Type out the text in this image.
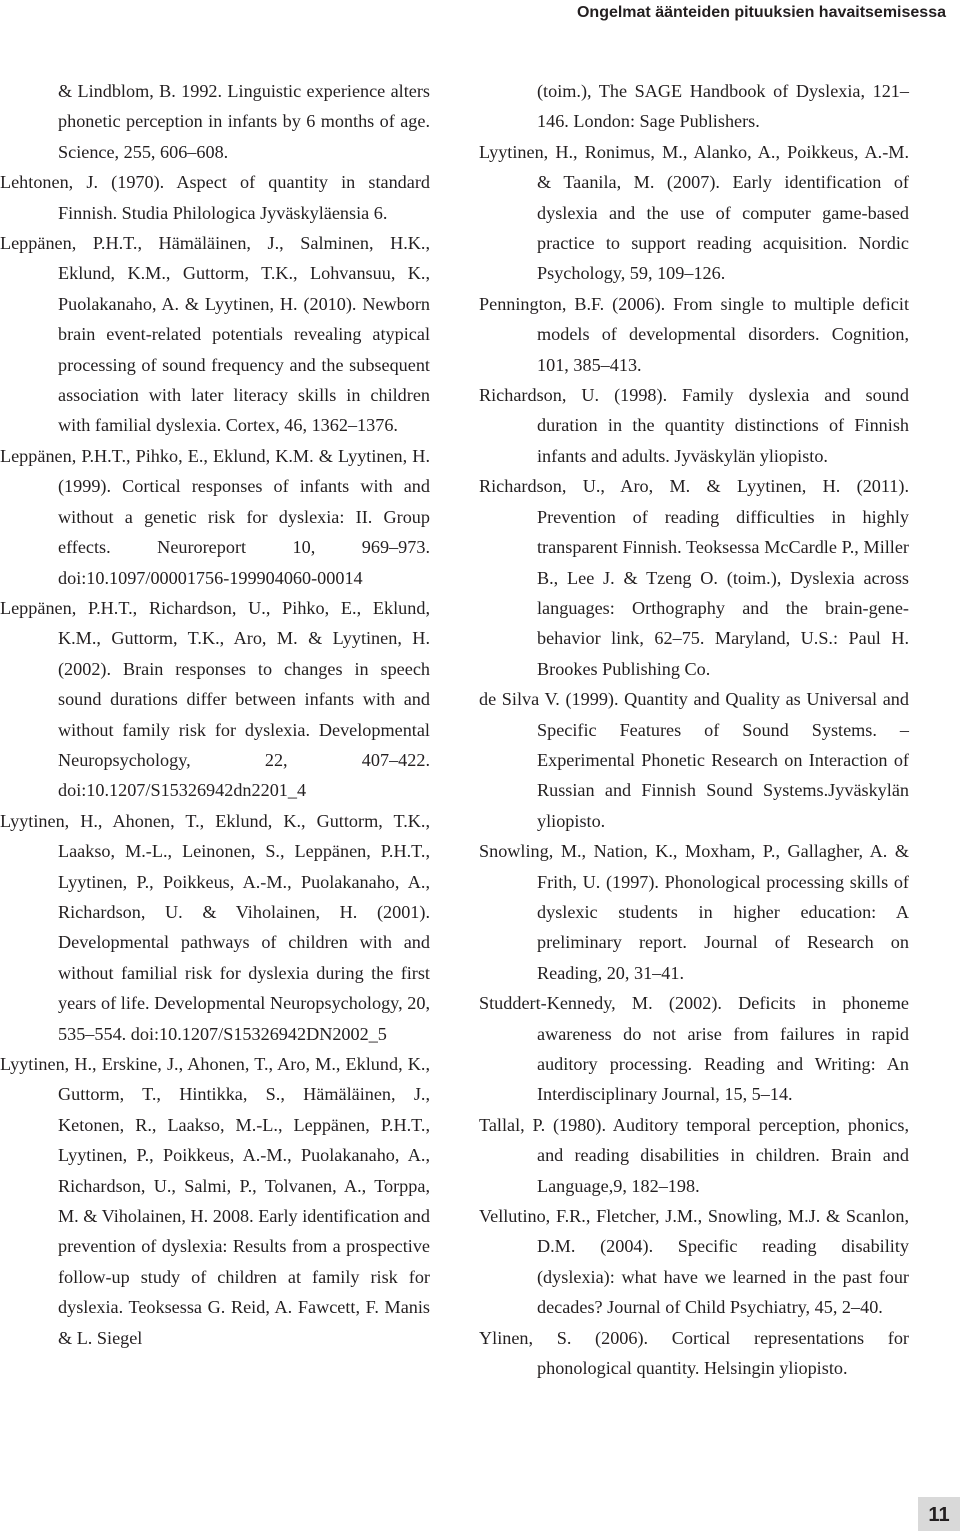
Ongelmat äänteiden pituuksien havaitsemisessa

& Lindblom, B. 1992. Linguistic experience alters phonetic perception in infants by 6 months of age. Science, 255, 606–608.

Lehtonen, J. (1970). Aspect of quantity in standard Finnish. Studia Philologica Jyväskyläensia 6.

Leppänen, P.H.T., Hämäläinen, J., Salminen, H.K., Eklund, K.M., Guttorm, T.K., Lohvansuu, K., Puolakanaho, A. & Lyytinen, H. (2010). Newborn brain event-related potentials revealing atypical processing of sound frequency and the subsequent association with later literacy skills in children with familial dyslexia. Cortex, 46, 1362–1376.

Leppänen, P.H.T., Pihko, E., Eklund, K.M. & Lyytinen, H. (1999). Cortical responses of infants with and without a genetic risk for dyslexia: II. Group effects. Neuroreport 10, 969–973. doi:10.1097/00001756-199904060-00014

Leppänen, P.H.T., Richardson, U., Pihko, E., Eklund, K.M., Guttorm, T.K., Aro, M. & Lyytinen, H. (2002). Brain responses to changes in speech sound durations differ between infants with and without family risk for dyslexia. Developmental Neuropsychology, 22, 407–422. doi:10.1207/S15326942dn2201_4

Lyytinen, H., Ahonen, T., Eklund, K., Guttorm, T.K., Laakso, M.-L., Leinonen, S., Leppänen, P.H.T., Lyytinen, P., Poikkeus, A.-M., Puolakanaho, A., Richardson, U. & Viholainen, H. (2001). Developmental pathways of children with and without familial risk for dyslexia during the first years of life. Developmental Neuropsychology, 20, 535–554. doi:10.1207/S15326942DN2002_5

Lyytinen, H., Erskine, J., Ahonen, T., Aro, M., Eklund, K., Guttorm, T., Hintikka, S., Hämäläinen, J., Ketonen, R., Laakso, M.-L., Leppänen, P.H.T., Lyytinen, P., Poikkeus, A.-M., Puolakanaho, A., Richardson, U., Salmi, P., Tolvanen, A., Torppa, M. & Viholainen, H. 2008. Early identification and prevention of dyslexia: Results from a prospective follow-up study of children at family risk for dyslexia. Teoksessa G. Reid, A. Fawcett, F. Manis & L. Siegel

(toim.), The SAGE Handbook of Dyslexia, 121–146. London: Sage Publishers.

Lyytinen, H., Ronimus, M., Alanko, A., Poikkeus, A.-M. & Taanila, M. (2007). Early identification of dyslexia and the use of computer game-based practice to support reading acquisition. Nordic Psychology, 59, 109–126.

Pennington, B.F. (2006). From single to multiple deficit models of developmental disorders. Cognition, 101, 385–413.

Richardson, U. (1998). Family dyslexia and sound duration in the quantity distinctions of Finnish infants and adults. Jyväskylän yliopisto.

Richardson, U., Aro, M. & Lyytinen, H. (2011). Prevention of reading difficulties in highly transparent Finnish. Teoksessa McCardle P., Miller B., Lee J. & Tzeng O. (toim.), Dyslexia across languages: Orthography and the brain-gene-behavior link, 62–75. Maryland, U.S.: Paul H. Brookes Publishing Co.

de Silva V. (1999). Quantity and Quality as Universal and Specific Features of Sound Systems. – Experimental Phonetic Research on Interaction of Russian and Finnish Sound Systems.Jyväskylän yliopisto.

Snowling, M., Nation, K., Moxham, P., Gallagher, A. & Frith, U. (1997). Phonological processing skills of dyslexic students in higher education: A preliminary report. Journal of Research on Reading, 20, 31–41.

Studdert-Kennedy, M. (2002). Deficits in phoneme awareness do not arise from failures in rapid auditory processing. Reading and Writing: An Interdisciplinary Journal, 15, 5–14.

Tallal, P. (1980). Auditory temporal perception, phonics, and reading disabilities in children. Brain and Language,9, 182–198.

Vellutino, F.R., Fletcher, J.M., Snowling, M.J. & Scanlon, D.M. (2004). Specific reading disability (dyslexia): what have we learned in the past four decades? Journal of Child Psychiatry, 45, 2–40.

Ylinen, S. (2006). Cortical representations for phonological quantity. Helsingin yliopisto.

11
